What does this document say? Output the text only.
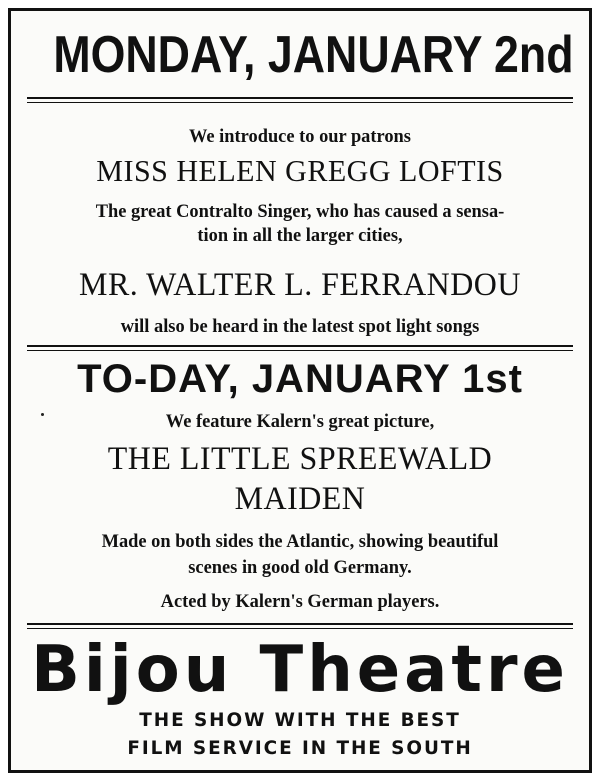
MONDAY, JANUARY 2nd
We introduce to our patrons
MISS HELEN GREGG LOFTIS
The great Contralto Singer, who has caused a sensa-
tion in all the larger cities,
MR. WALTER L. FERRANDOU
will also be heard in the latest spot light songs
TO-DAY, JANUARY 1st
We feature Kalern's great picture,
THE LITTLE SPREEWALD
MAIDEN
Made on both sides the Atlantic, showing beautiful
scenes in good old Germany.
Acted by Kalern's German players.
Bijou Theatre
THE SHOW WITH THE BEST
FILM SERVICE IN THE SOUTH
